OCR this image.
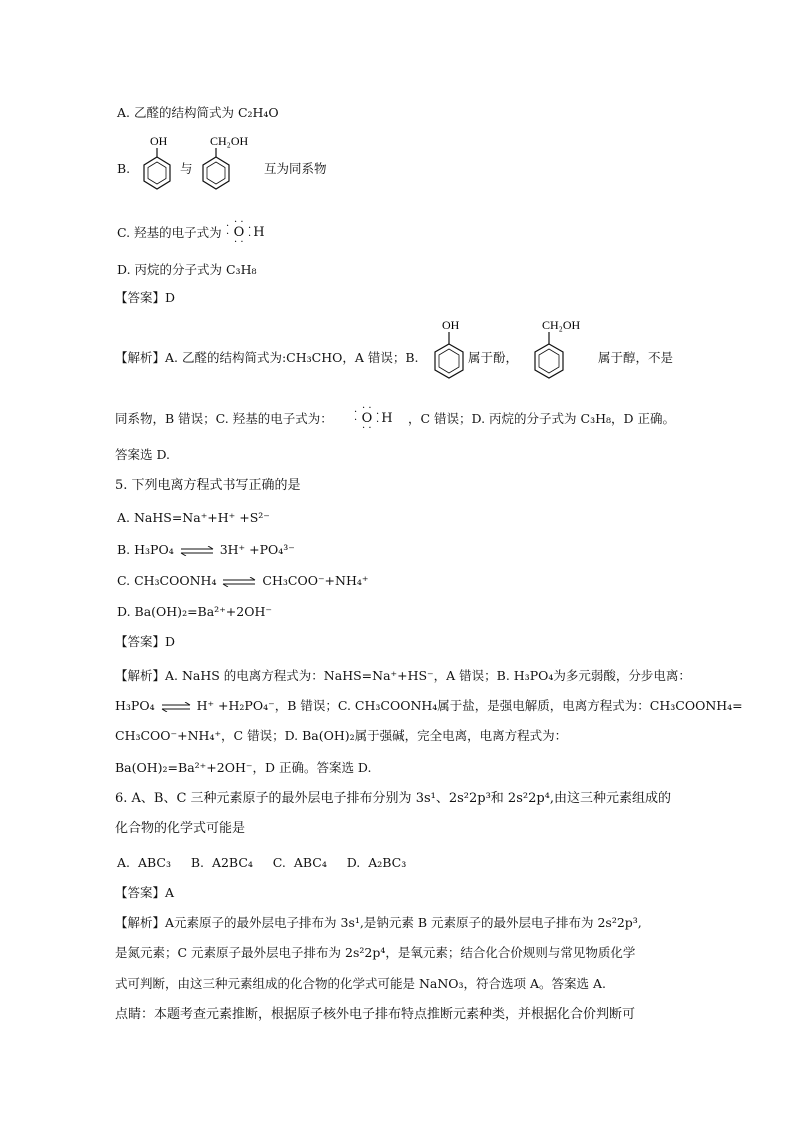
A. 乙醛的结构简式为 C₂H₄O
B.
OH
与
CH₂OH
互为同系物
C. 羟基的电子式为 O
· ·
· ·
·
·
·
· H
D. 丙烷的分子式为 C₃H₈
【答案】D
【解析】A. 乙醛的结构简式为:CH₃CHO，A 错误；B.
OH
属于酚，
CH₂OH
属于醇，不是
同系物，B 错误；C. 羟基的电子式为： O
· ·
· ·
·
·
·
· H ，C 错误；D. 丙烷的分子式为 C₃H₈，D 正确。
答案选 D.
5. 下列电离方程式书写正确的是
A. NaHS=Na⁺+H⁺ +S²⁻
B. H₃PO₄ ⇌ 3H⁺ +PO₄³⁻
C. CH₃COONH₄ ⇌ CH₃COO⁻+NH₄⁺
D. Ba(OH)₂=Ba²⁺+2OH⁻
【答案】D
【解析】A. NaHS 的电离方程式为：NaHS=Na⁺+HS⁻，A 错误；B. H₃PO₄为多元弱酸，分步电离：
H₃PO₄ ⇌ H⁺ +H₂PO₄⁻，B 错误；C. CH₃COONH₄属于盐，是强电解质，电离方程式为：CH₃COONH₄=
CH₃COO⁻+NH₄⁺，C 错误；D. Ba(OH)₂属于强碱，完全电离，电离方程式为：
Ba(OH)₂=Ba²⁺+2OH⁻，D 正确。答案选 D.
6. A、B、C 三种元素原子的最外层电子排布分别为 3s¹、2s²2p³和 2s²2p⁴,由这三种元素组成的
化合物的化学式可能是
A.  ABC₃     B.  A2BC₄     C.  ABC₄     D.  A₂BC₃
【答案】A
【解析】A元素原子的最外层电子排布为 3s¹,是钠元素 B 元素原子的最外层电子排布为 2s²2p³,
是氮元素；C 元素原子最外层电子排布为 2s²2p⁴，是氧元素；结合化合价规则与常见物质化学
式可判断，由这三种元素组成的化合物的化学式可能是 NaNO₃，符合选项 A。答案选 A.
点睛：本题考查元素推断，根据原子核外电子排布特点推断元素种类，并根据化合价判断可
